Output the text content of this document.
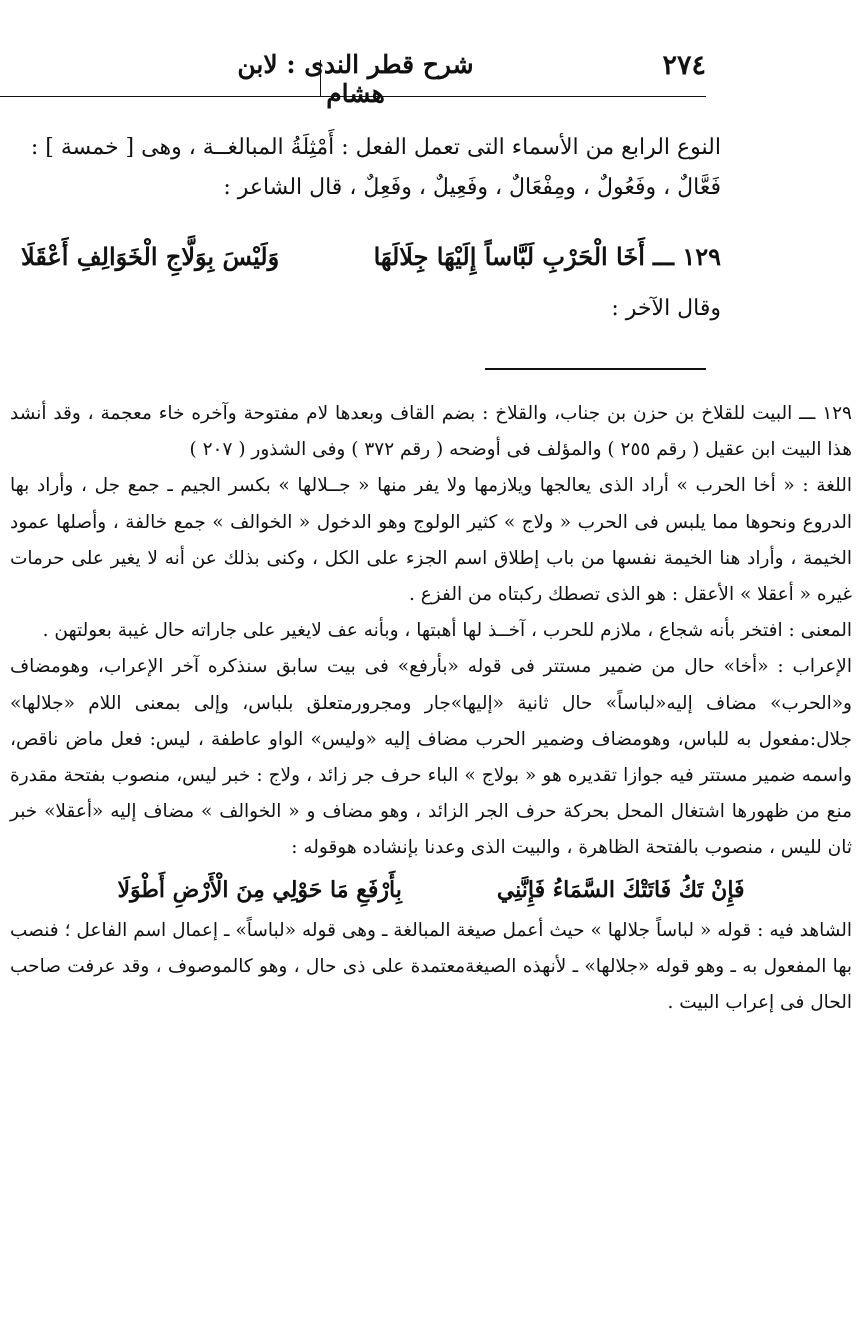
٢٧٤
شرح قطر الندى : لابن هشام

النوع الرابع من الأسماء التى تعمل الفعل : أَمْثِلَةُ المبالغــة ، وهى [ خمسة ] :

فَعَّالٌ ، وفَعُولٌ ، ومِفْعَالٌ ، وفَعِيلٌ ، وفَعِلٌ ، قال الشاعر :

١٢٩ ـــأَخَا الْحَرْبِ لَبَّاساً إِلَيْهَا جِلَالَهَا
وَلَيْسَ بِوَلَّاجِ الْخَوَالِفِ أَعْقَلَا
وقال الآخر :

١٢٩ ـــ البيت للقلاخ بن حزن بن جناب، والقلاخ : بضم القاف وبعدها لام مفتوحة وآخره خاء معجمة ، وقد أنشد هذا البيت ابن عقيل ( رقم ٢٥٥ ) والمؤلف فى أوضحه ( رقم ٣٧٢ ) وفى الشذور ( ٢٠٧ )

اللغة : « أخا الحرب » أراد الذى يعالجها ويلازمها ولا يفر منها « جــلالها » بكسر الجيم ـ جمع جل ، وأراد بها الدروع ونحوها مما يلبس فى الحرب « ولاج » كثير الولوج وهو الدخول « الخوالف » جمع خالفة ، وأصلها عمود الخيمة ، وأراد هنا الخيمة نفسها من باب إطلاق اسم الجزء على الكل ، وكنى بذلك عن أنه لا يغير على حرمات غيره « أعقلا » الأعقل : هو الذى تصطك ركبتاه من الفزع .

المعنى : افتخر بأنه شجاع ، ملازم للحرب ، آخــذ لها أهبتها ، وبأنه عف لايغير على جاراته حال غيبة بعولتهن .

الإعراب : «أخا» حال من ضمير مستتر فى قوله «بأرفع» فى بيت سابق سنذكره آخر الإعراب، وهومضاف و«الحرب» مضاف إليه«لباساً» حال ثانية «إليها»جار ومجرورمتعلق بلباس، وإلى بمعنى اللام «جلالها» جلال:مفعول به للباس، وهومضاف وضمير الحرب مضاف إليه «وليس» الواو عاطفة ، ليس: فعل ماض ناقص، واسمه ضمير مستتر فيه جوازا تقديره هو « بولاج » الباء حرف جر زائد ، ولاج : خبر ليس، منصوب بفتحة مقدرة منع من ظهورها اشتغال المحل بحركة حرف الجر الزائد ، وهو مضاف و « الخوالف » مضاف إليه «أعقلا» خبر ثان لليس ، منصوب بالفتحة الظاهرة ، والبيت الذى وعدنا بإنشاده هوقوله :

فَإِنْ تَكُ فَاتَتْكَ السَّمَاءُ فَإِنَّنِي
بِأَرْفَعِ مَا حَوْلِي مِنَ الْأَرْضِ أَطْوَلَا

الشاهد فيه : قوله « لباساً جلالها » حيث أعمل صيغة المبالغة ـ وهى قوله «لباساً» ـ إعمال اسم الفاعل ؛ فنصب بها المفعول به ـ وهو قوله «جلالها» ـ لأنهذه الصيغةمعتمدة على ذى حال ، وهو كالموصوف ، وقد عرفت صاحب الحال فى إعراب البيت .
